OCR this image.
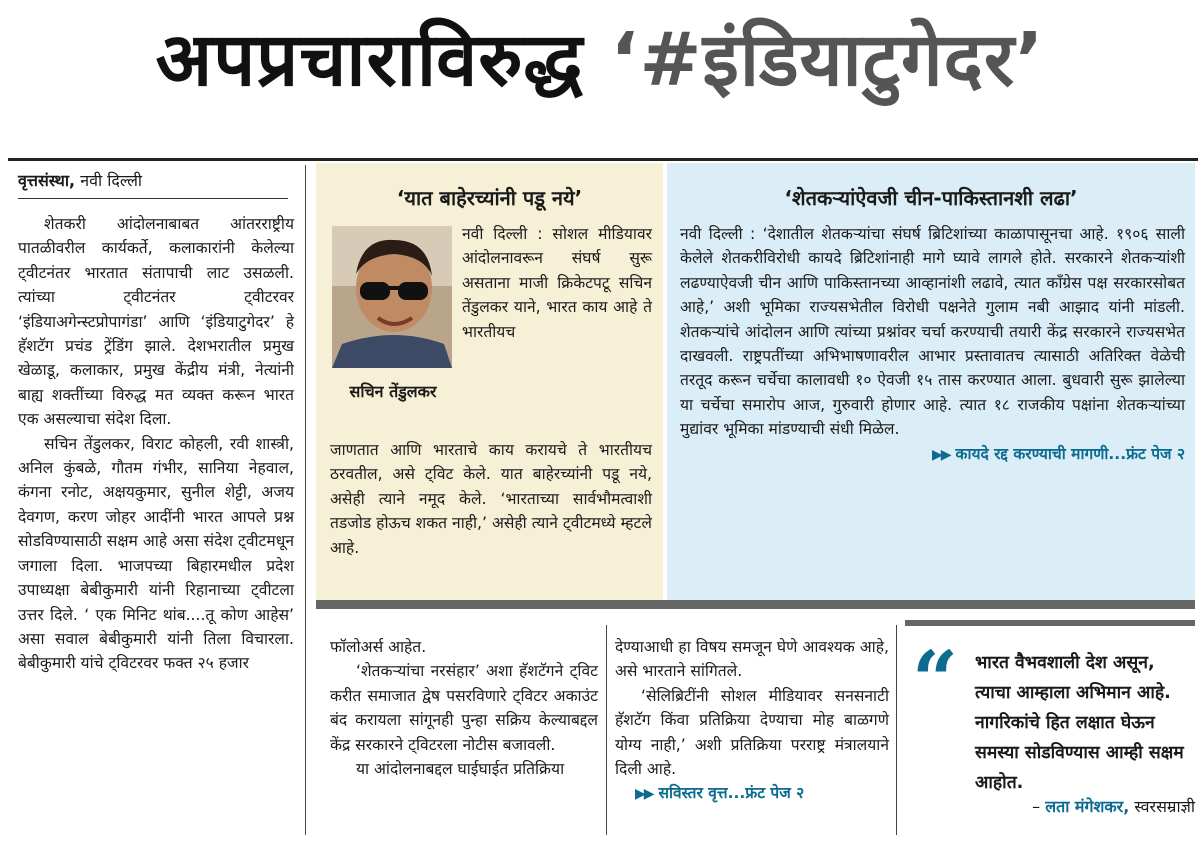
अपप्रचाराविरुद्ध ‘#इंडियाटुगेदर’
वृत्तसंस्था, नवी दिल्ली

शेतकरी आंदोलनाबाबत आंतरराष्ट्रीय पातळीवरील कार्यकर्ते, कलाकारांनी केलेल्या ट्वीटनंतर भारतात संतापाची लाट उसळली. त्यांच्या ट्वीटनंतर ट्वीटरवर ‘इंडियाअगेन्स्टप्रोपागंडा’ आणि ‘इंडियाटुगेदर’ हे हॅशटॅग प्रचंड ट्रेंडिंग झाले. देशभरातील प्रमुख खेळाडू, कलाकार, प्रमुख केंद्रीय मंत्री, नेत्यांनी बाह्य शक्तींच्या विरुद्ध मत व्यक्त करून भारत एक असल्याचा संदेश दिला.

सचिन तेंडुलकर, विराट कोहली, रवी शास्त्री, अनिल कुंबळे, गौतम गंभीर, सानिया नेहवाल, कंगना रनोट, अक्षयकुमार, सुनील शेट्टी, अजय देवगण, करण जोहर आदींनी भारत आपले प्रश्न सोडविण्यासाठी सक्षम आहे असा संदेश ट्वीटमधून जगाला दिला. भाजपच्या बिहारमधील प्रदेश उपाध्यक्षा बेबीकुमारी यांनी रिहानाच्या ट्वीटला उत्तर दिले. ‘ एक मिनिट थांब....तू कोण आहेस’ असा सवाल बेबीकुमारी यांनी तिला विचारला. बेबीकुमारी यांचे ट्विटरवर फक्त २५ हजार

‘यात बाहेरच्यांनी पडू नये’
सचिन तेंडुलकर

नवी दिल्ली : सोशल मीडियावर आंदोलनावरून संघर्ष सुरू असताना माजी क्रिकेटपटू सचिन तेंडुलकर याने, भारत काय आहे ते भारतीयच

जाणतात आणि भारताचे काय करायचे ते भारतीयच ठरवतील, असे ट्विट केले. यात बाहेरच्यांनी पडू नये, असेही त्याने नमूद केले. ‘भारताच्या सार्वभौमत्वाशी तडजोड होऊच शकत नाही,’ असेही त्याने ट्वीटमध्ये म्हटले आहे.

‘शेतकऱ्यांऐवजी चीन-पाकिस्तानशी लढा’

नवी दिल्ली : ‘देशातील शेतकऱ्यांचा संघर्ष ब्रिटिशांच्या काळापासूनचा आहे. १९०६ साली केलेले शेतकरीविरोधी कायदे ब्रिटिशांनाही मागे घ्यावे लागले होते. सरकारने शेतकऱ्यांशी लढण्याऐवजी चीन आणि पाकिस्तानच्या आव्हानांशी लढावे, त्यात काँग्रेस पक्ष सरकारसोबत आहे,’ अशी भूमिका राज्यसभेतील विरोधी पक्षनेते गुलाम नबी आझाद यांनी मांडली. शेतकऱ्यांचे आंदोलन आणि त्यांच्या प्रश्नांवर चर्चा करण्याची तयारी केंद्र सरकारने राज्यसभेत दाखवली. राष्ट्रपतींच्या अभिभाषणावरील आभार प्रस्तावातच त्यासाठी अतिरिक्त वेळेची तरतूद करून चर्चेचा कालावधी १० ऐवजी १५ तास करण्यात आला. बुधवारी सुरू झालेल्या या चर्चेचा समारोप आज, गुरुवारी होणार आहे. त्यात १८ राजकीय पक्षांना शेतकऱ्यांच्या मुद्यांवर भूमिका मांडण्याची संधी मिळेल.

▶▶ कायदे रद्द करण्याची मागणी...फ्रंट पेज २

फॉलोअर्स आहेत.

‘शेतकऱ्यांचा नरसंहार’ अशा हॅशटॅगने ट्विट करीत समाजात द्वेष पसरविणारे ट्विटर अकाउंट बंद करायला सांगूनही पुन्हा सक्रिय केल्याबद्दल केंद्र सरकारने ट्विटरला नोटीस बजावली.

या आंदोलनाबद्दल घाईघाईत प्रतिक्रिया

देण्याआधी हा विषय समजून घेणे आवश्यक आहे, असे भारताने सांगितले.

‘सेलिब्रिटींनी सोशल मीडियावर सनसनाटी हॅशटॅग किंवा प्रतिक्रिया देण्याचा मोह बाळगणे योग्य नाही,’ अशी प्रतिक्रिया परराष्ट्र मंत्रालयाने दिली आहे.

▶▶ सविस्तर वृत्त...फ्रंट पेज २

“ भारत वैभवशाली देश असून, त्याचा आम्हाला अभिमान आहे. नागरिकांचे हित लक्षात घेऊन समस्या सोडविण्यास आम्ही सक्षम आहोत.
– लता मंगेशकर, स्वरसम्राज्ञी
